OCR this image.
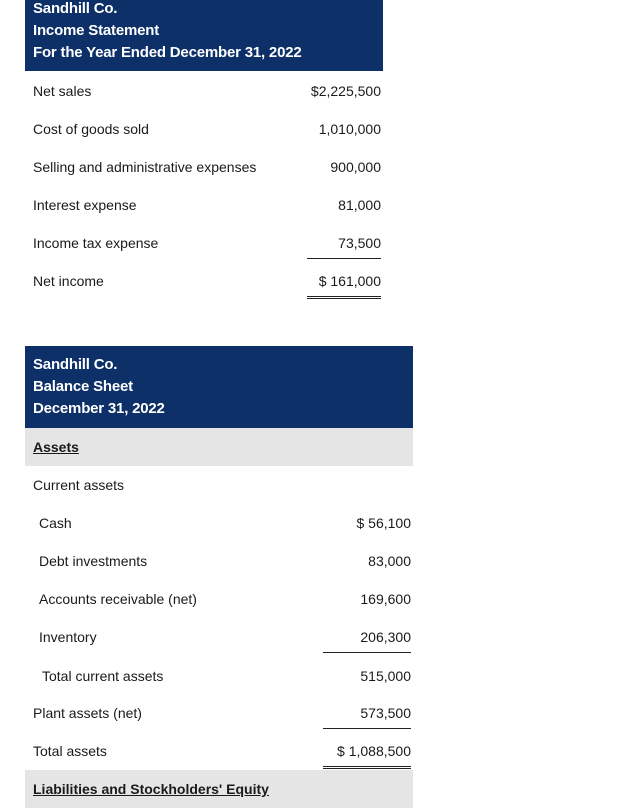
Sandhill Co.
Income Statement
For the Year Ended December 31, 2022
Net sales	$2,225,500
Cost of goods sold	1,010,000
Selling and administrative expenses	900,000
Interest expense	81,000
Income tax expense	73,500
Net income	$ 161,000
Sandhill Co.
Balance Sheet
December 31, 2022
Assets
Current assets
Cash	$ 56,100
Debt investments	83,000
Accounts receivable (net)	169,600
Inventory	206,300
Total current assets	515,000
Plant assets (net)	573,500
Total assets	$ 1,088,500
Liabilities and Stockholders' Equity
